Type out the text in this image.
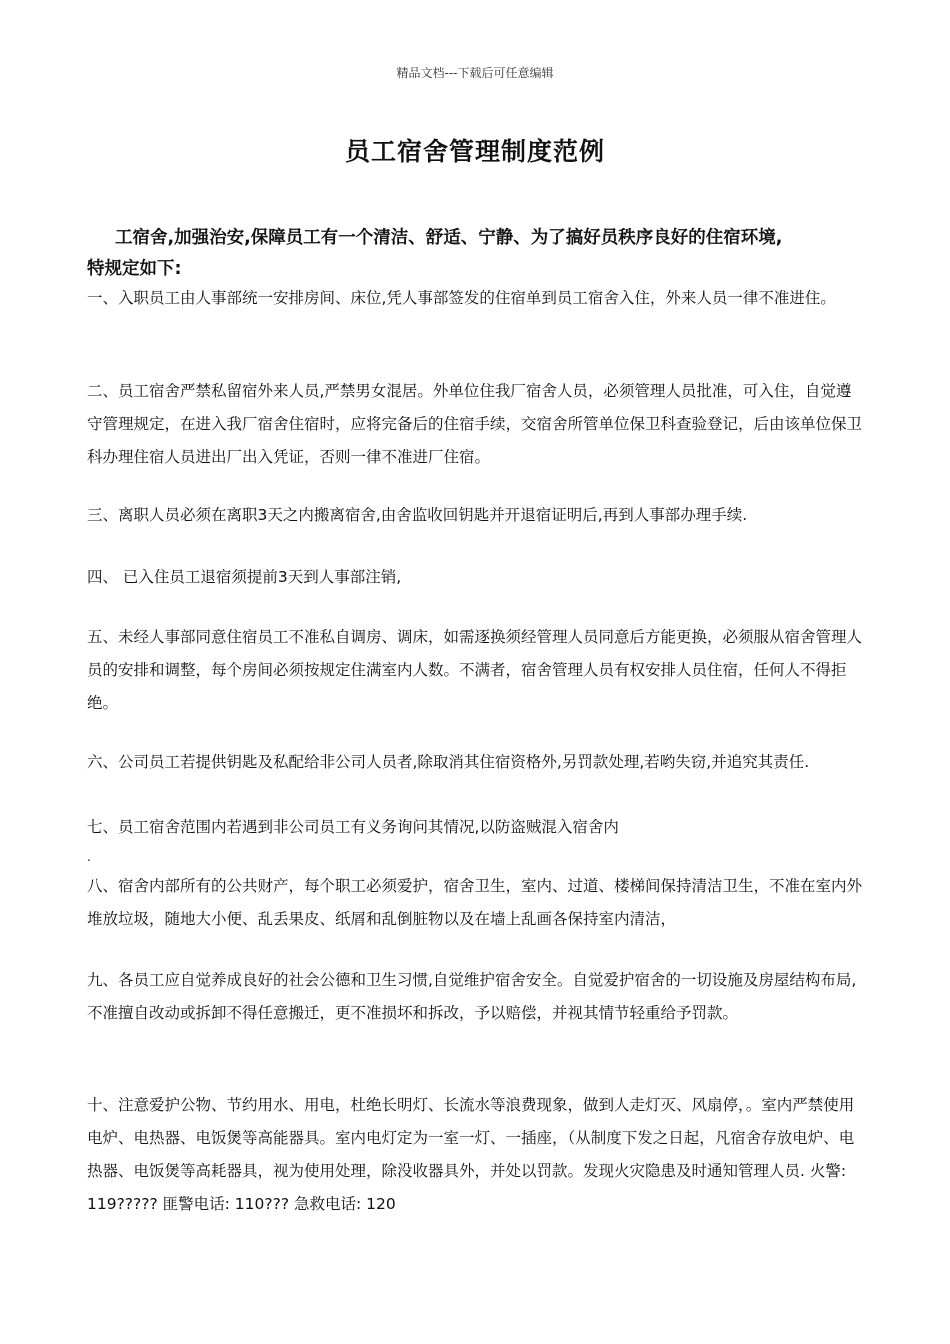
精品文档---下载后可任意编辑
员工宿舍管理制度范例
工宿舍,加强治安,保障员工有一个清洁、舒适、宁静、为了搞好员秩序良好的住宿环境,
特规定如下:
一、入职员工由人事部统一安排房间、床位,凭人事部签发的住宿单到员工宿舍入住，外来人员一律不准进住。
二、员工宿舍严禁私留宿外来人员,严禁男女混居。外单位住我厂宿舍人员，必须管理人员批准，可入住，自觉遵守管理规定，在进入我厂宿舍住宿时，应将完备后的住宿手续，交宿舍所管单位保卫科查验登记，后由该单位保卫科办理住宿人员进出厂出入凭证，否则一律不准进厂住宿。
三、离职人员必须在离职3天之内搬离宿舍,由舍监收回钥匙并开退宿证明后,再到人事部办理手续.
四、 已入住员工退宿须提前3天到人事部注销,
五、未经人事部同意住宿员工不准私自调房、调床，如需逐换须经管理人员同意后方能更换，必须服从宿舍管理人员的安排和调整，每个房间必须按规定住满室内人数。不满者，宿舍管理人员有权安排人员住宿，任何人不得拒绝。
六、公司员工若提供钥匙及私配给非公司人员者,除取消其住宿资格外,另罚款处理,若哟失窃,并追究其责任.
七、员工宿舍范围内若遇到非公司员工有义务询问其情况,以防盗贼混入宿舍内
.
八、宿舍内部所有的公共财产，每个职工必须爱护，宿舍卫生，室内、过道、楼梯间保持清洁卫生，不准在室内外堆放垃圾，随地大小便、乱丢果皮、纸屑和乱倒脏物以及在墙上乱画各保持室内清洁，
九、各员工应自觉养成良好的社会公德和卫生习惯,自觉维护宿舍安全。自觉爱护宿舍的一切设施及房屋结构布局,不准擅自改动或拆卸不得任意搬迁，更不准损坏和拆改，予以赔偿，并视其情节轻重给予罚款。
十、注意爱护公物、节约用水、用电，杜绝长明灯、长流水等浪费现象，做到人走灯灭、风扇停，。室内严禁使用电炉、电热器、电饭煲等高能器具。室内电灯定为一室一灯、一插座，（从制度下发之日起，凡宿舍存放电炉、电热器、电饭煲等高耗器具，视为使用处理，除没收器具外，并处以罚款。发现火灾隐患及时通知管理人员. 火警: 119????? 匪警电话: 110??? 急救电话: 120
